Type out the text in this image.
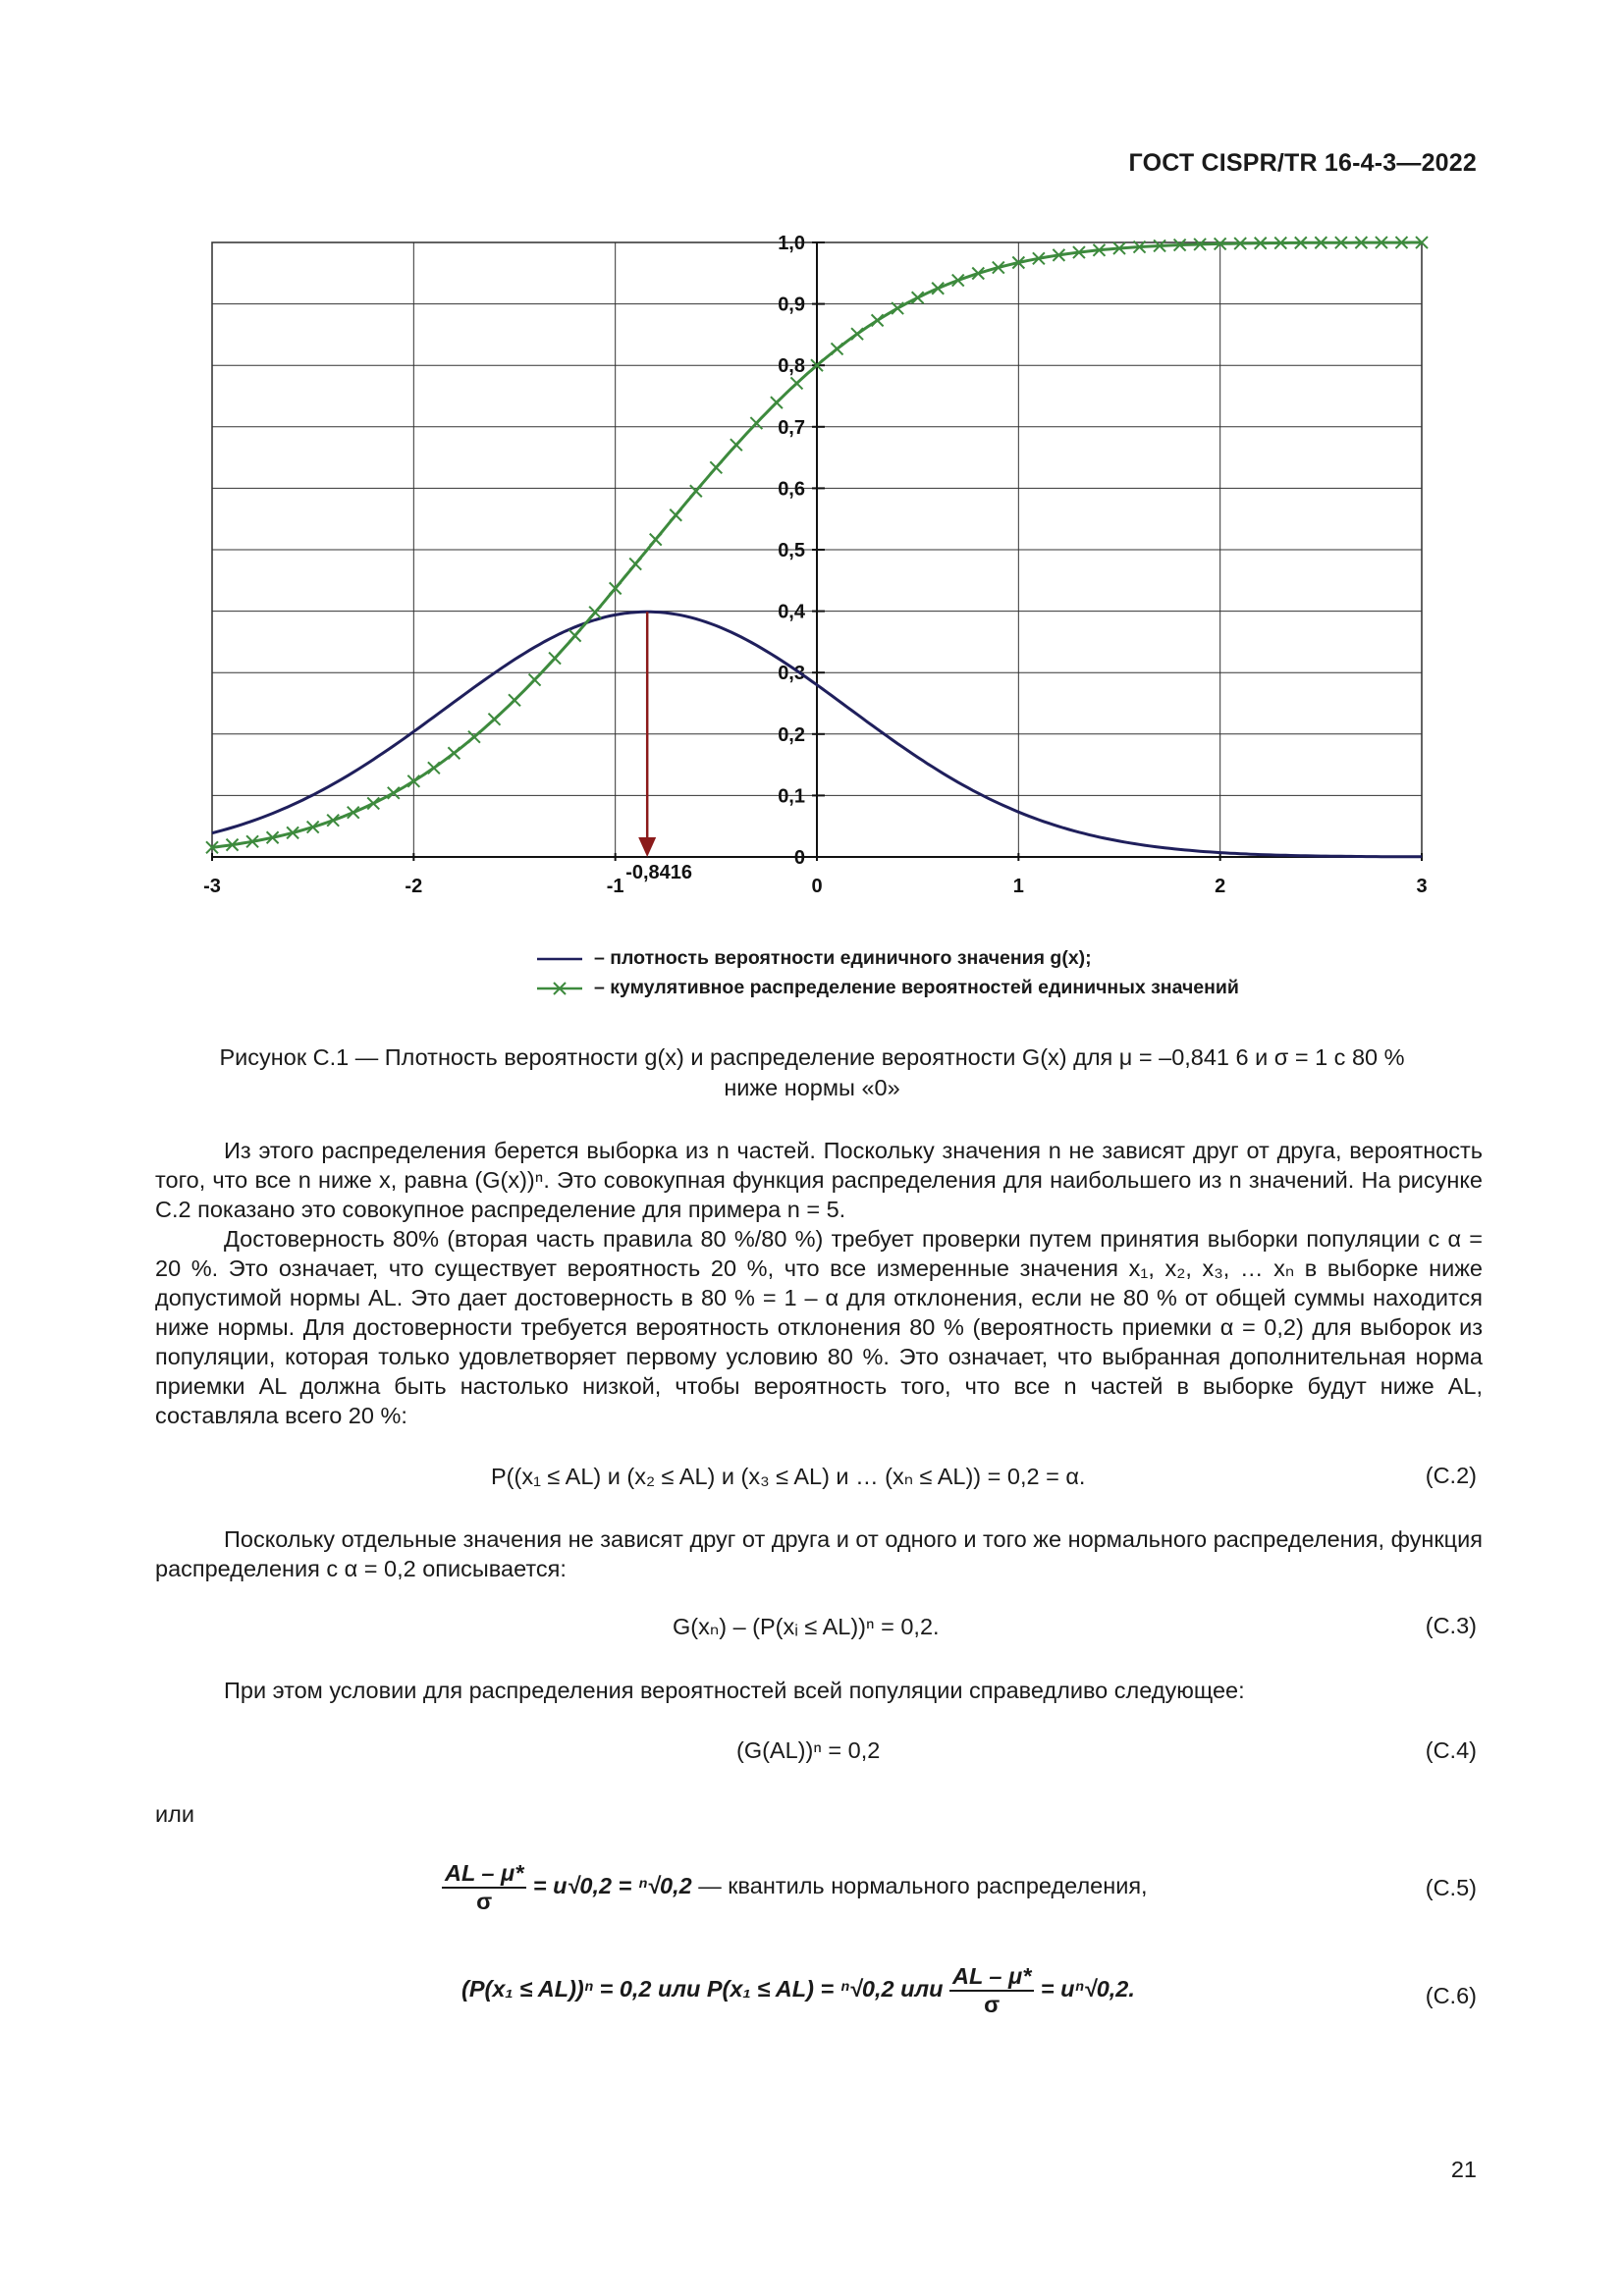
ГОСТ CISPR/TR 16-4-3—2022
0
0,1
0,2
0,3
0,4
0,5
0,6
0,7
0,8
0,9
1,0
-3	-2	-1	0	1	2	3
-0,8416
– плотность вероятности единичного значения g(x);
– кумулятивное распределение вероятностей единичных значений
Рисунок C.1 — Плотность вероятности g(x) и распределение вероятности G(x) для μ = –0,841 6 и σ = 1 с 80 %
ниже нормы «0»
Из этого распределения берется выборка из n частей. Поскольку значения n не зависят друг от друга, вероятность того, что все n ниже x, равна (G(x))ⁿ. Это совокупная функция распределения для наибольшего из n значений. На рисунке C.2 показано это совокупное распределение для примера n = 5.
Достоверность 80% (вторая часть правила 80 %/80 %) требует проверки путем принятия выборки популяции с α = 20 %. Это означает, что существует вероятность 20 %, что все измеренные значения x₁, x₂, x₃, … xₙ в выборке ниже допустимой нормы AL. Это дает достоверность в 80 % = 1 – α для отклонения, если не 80 % от общей суммы находится ниже нормы. Для достоверности требуется вероятность отклонения 80 % (вероятность приемки α = 0,2) для выборок из популяции, которая только удовлетворяет первому условию 80 %. Это означает, что выбранная дополнительная норма приемки AL должна быть настолько низкой, чтобы вероятность того, что все n частей в выборке будут ниже AL, составляла всего 20 %:
P((x₁ ≤ AL) и (x₂ ≤ AL) и (x₃ ≤ AL) и … (xₙ ≤ AL)) = 0,2 = α.	(C.2)
Поскольку отдельные значения не зависят друг от друга и от одного и того же нормального распределения, функция распределения с α = 0,2 описывается:
G(xₙ) – (P(xᵢ ≤ AL))ⁿ = 0,2.	(C.3)
При этом условии для распределения вероятностей всей популяции справедливо следующее:
(G(AL))ⁿ = 0,2	(C.4)
или
$\frac{AL - \mu*}{\sigma} = u√0,2 = ^n√0,2$ — квантиль нормального распределения,	(C.5)
(P(x₁ ≤ AL))ⁿ = 0,2 или P(x₁ ≤ AL) = ⁿ√0,2 или $\frac{AL - \mu*}{\sigma} = u^n√0,2$.	(C.6)
21
